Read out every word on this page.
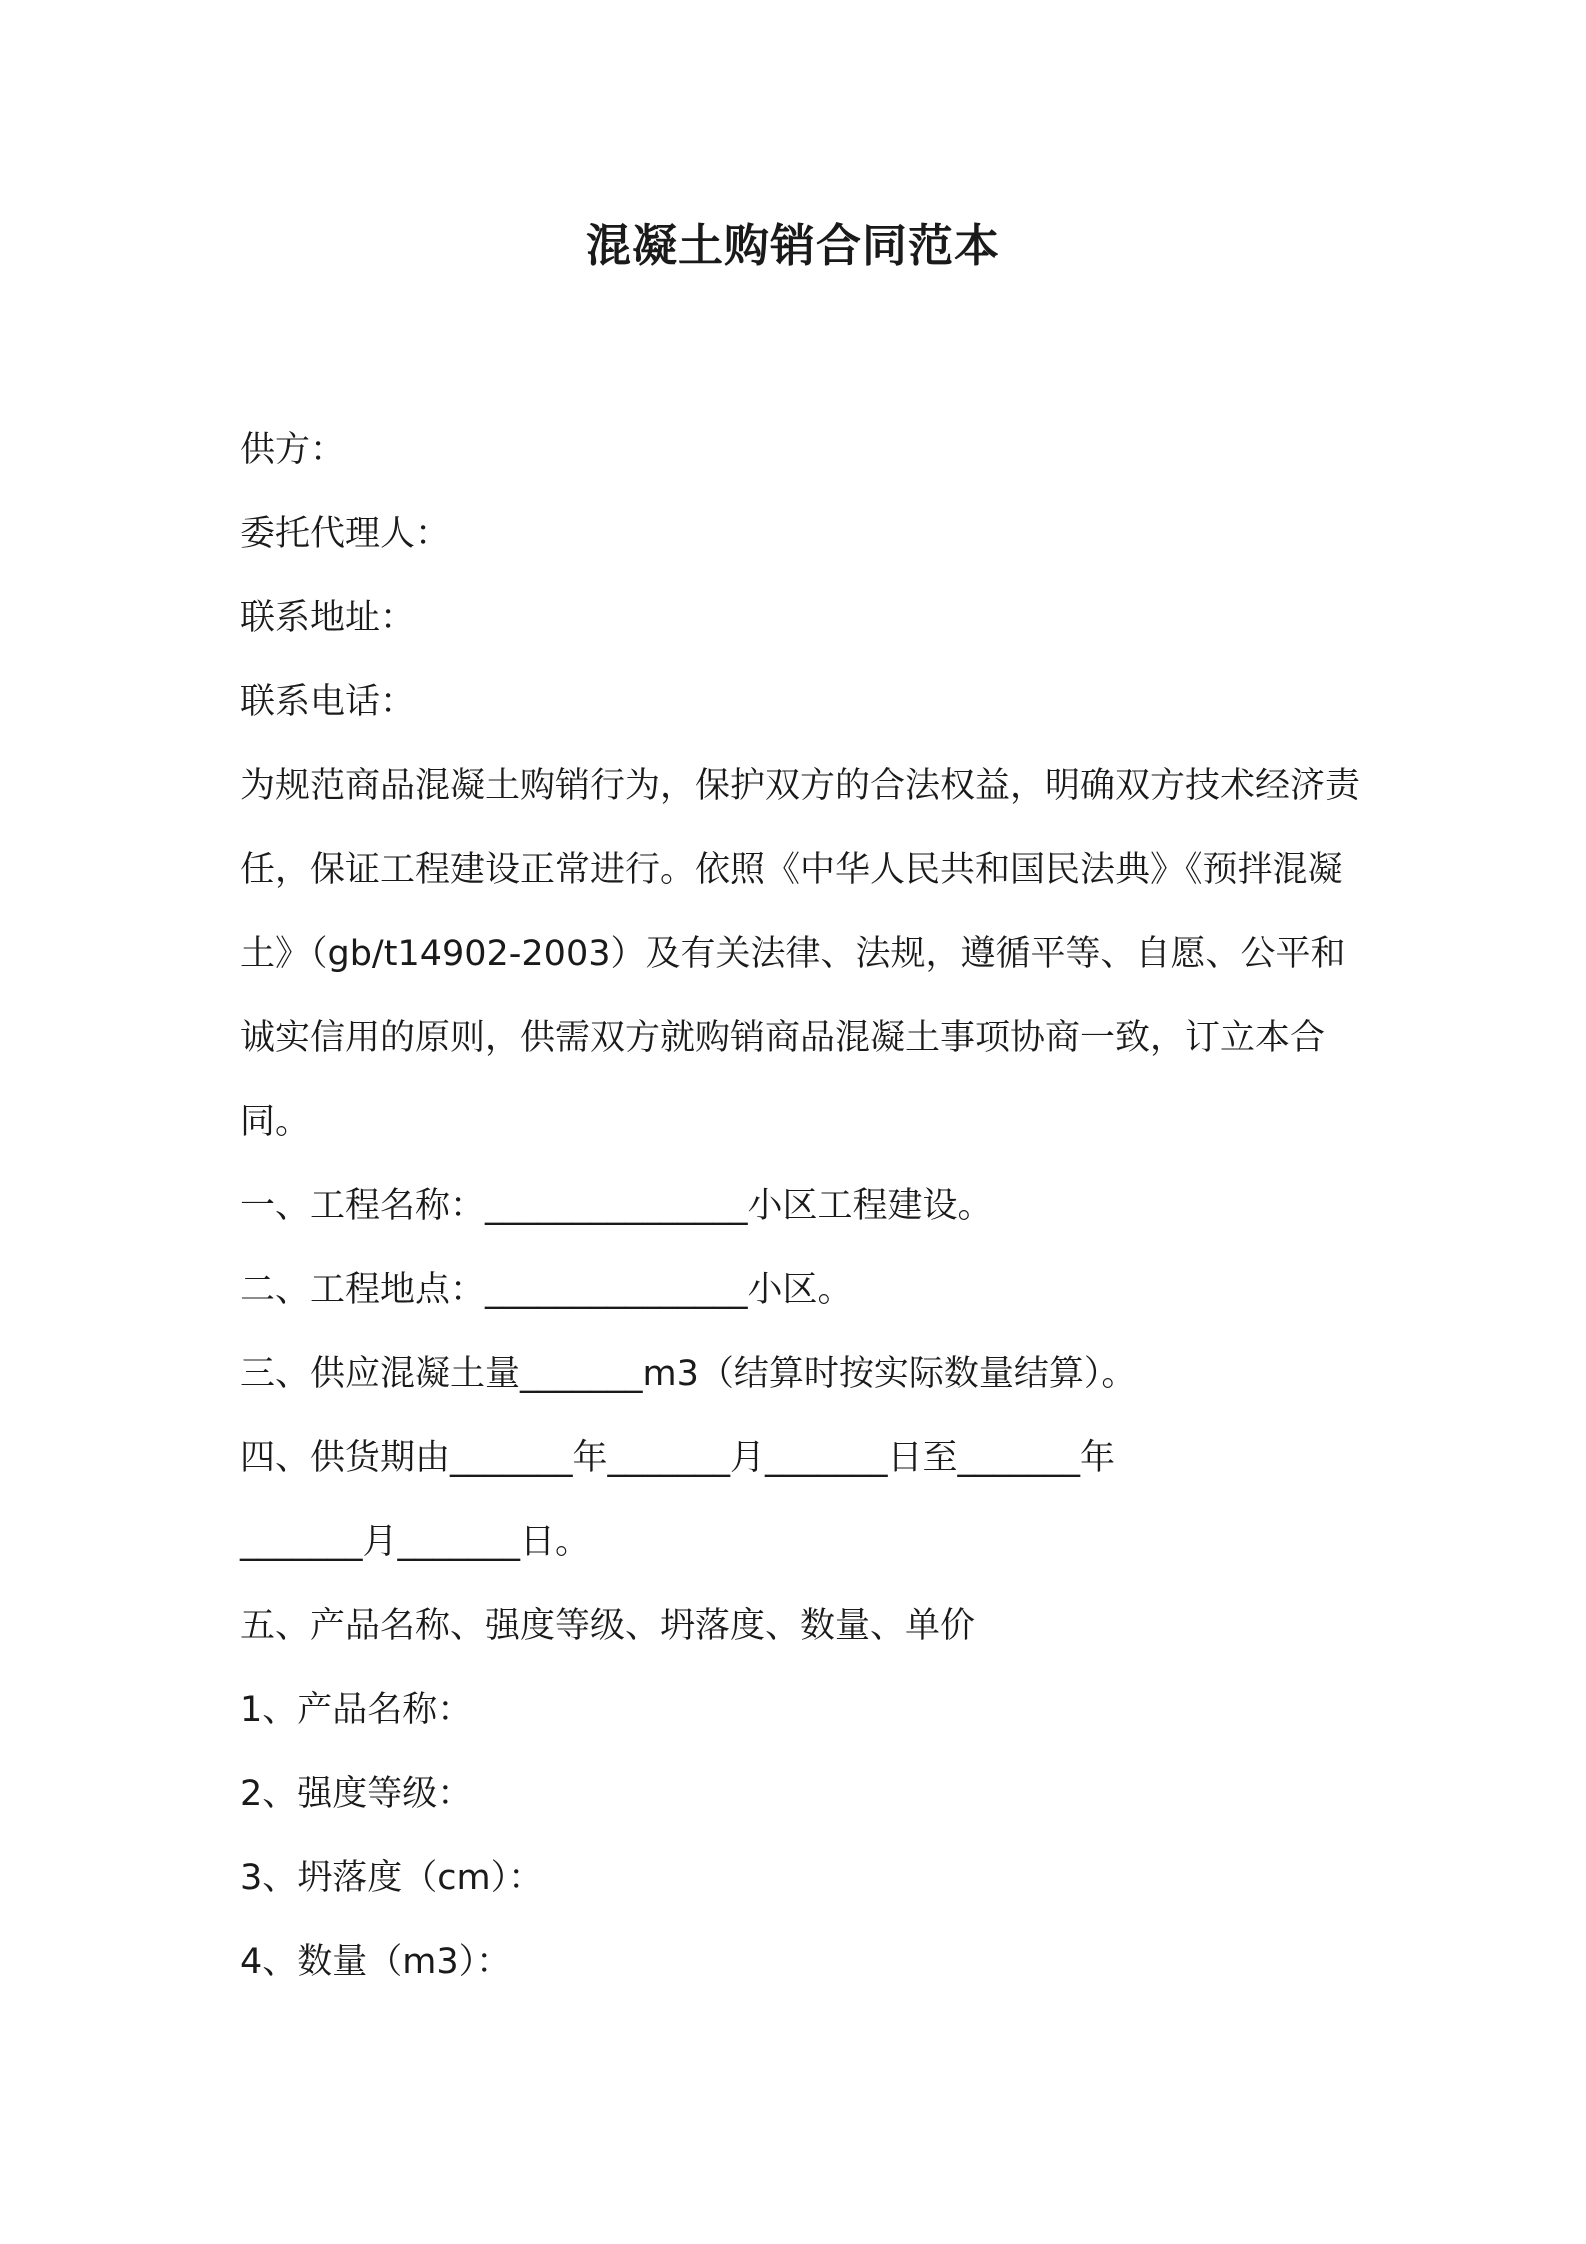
混凝土购销合同范本

供方：

委托代理人：

联系地址：

联系电话：

为规范商品混凝土购销行为，保护双方的合法权益，明确双方技术经济责任，保证工程建设正常进行。依照《中华人民共和国民法典》《预拌混凝土》（gb/t14902-2003）及有关法律、法规，遵循平等、自愿、公平和诚实信用的原则，供需双方就购销商品混凝土事项协商一致，订立本合同。

一、工程名称：_______________小区工程建设。

二、工程地点：_______________小区。

三、供应混凝土量_______m3（结算时按实际数量结算）。

四、供货期由_______年_______月_______日至_______年

_______月_______日。

五、产品名称、强度等级、坍落度、数量、单价

1、产品名称：

2、强度等级：

3、坍落度（cm）：

4、数量（m3）：
